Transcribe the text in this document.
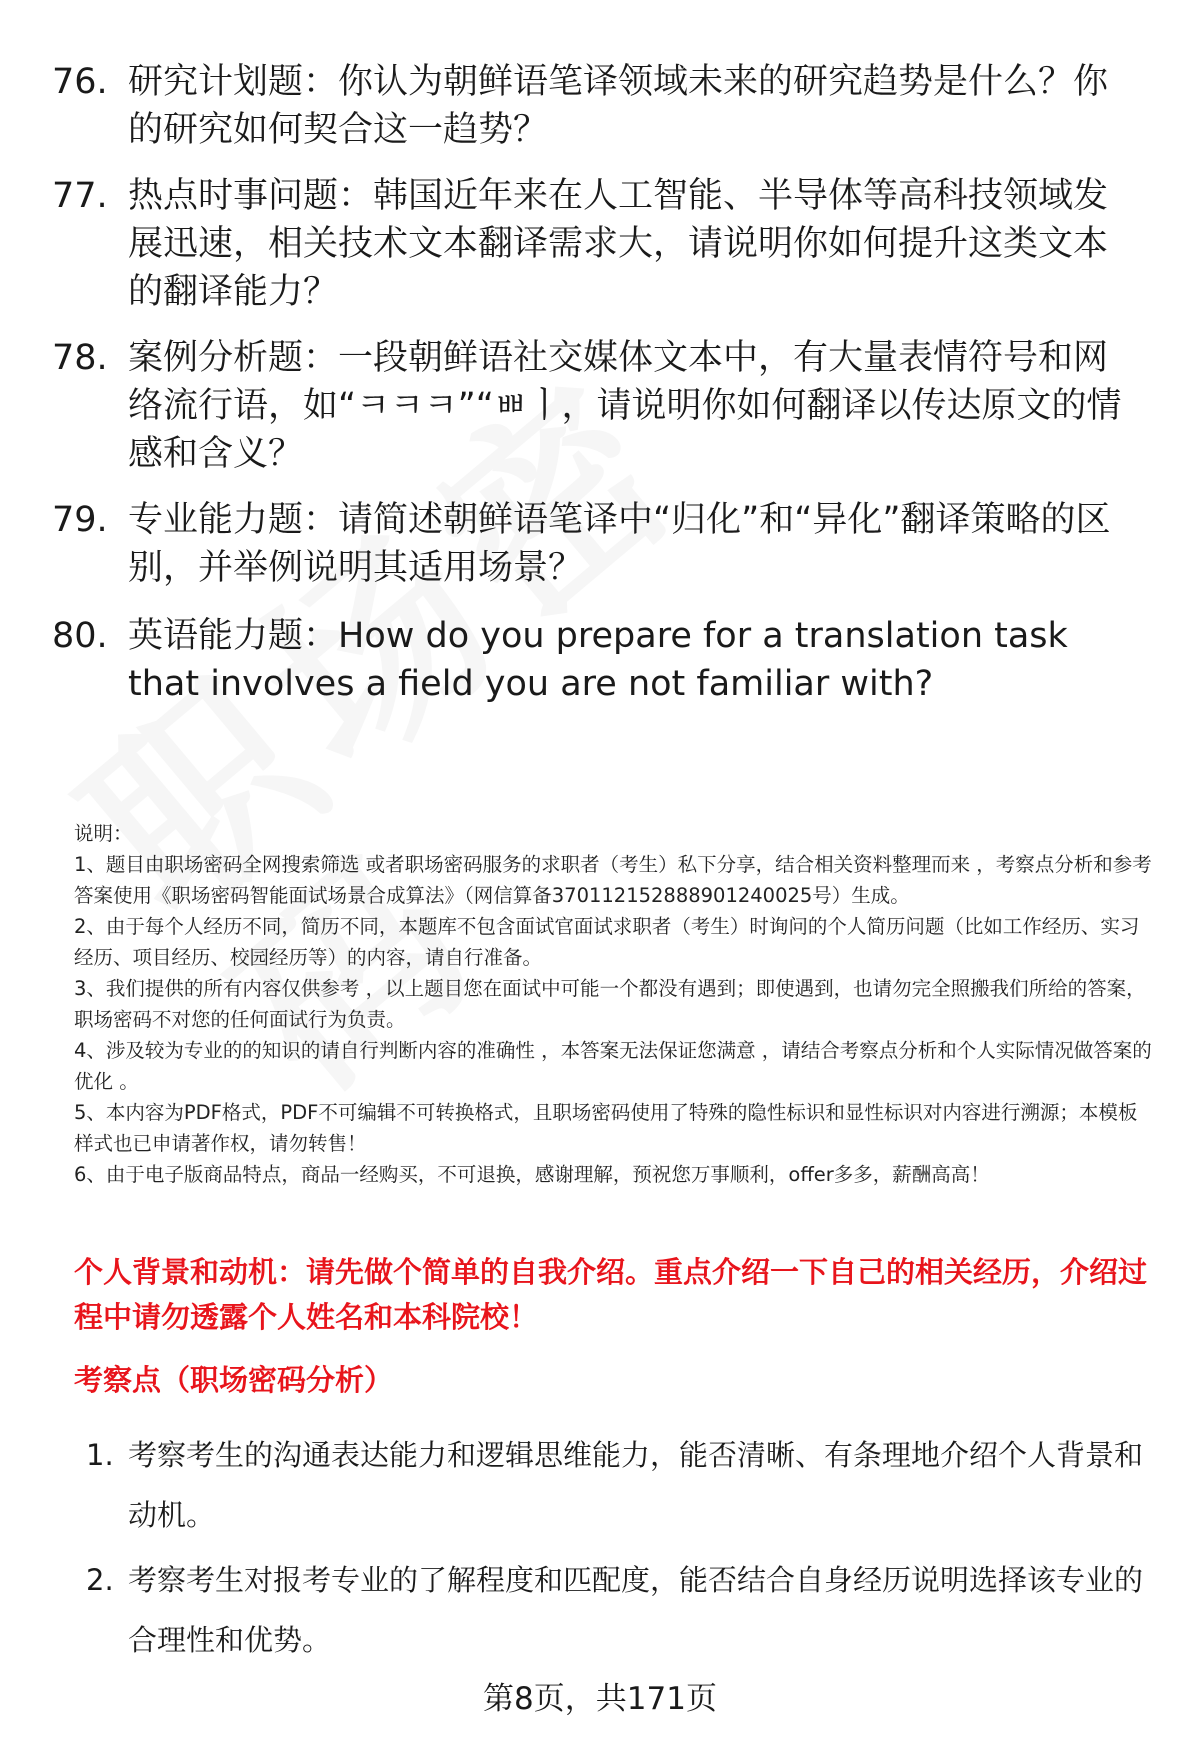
76. 研究计划题：你认为朝鲜语笔译领域未来的研究趋势是什么？你的研究如何契合这一趋势？
77. 热点时事问题：韩国近年来在人工智能、半导体等高科技领域发展迅速，相关技术文本翻译需求大，请说明你如何提升这类文本的翻译能力？
78. 案例分析题：一段朝鲜语社交媒体文本中，有大量表情符号和网络流行语，如“ㅋㅋㅋ”“ㅃㅣ，请说明你如何翻译以传达原文的情感和含义？
79. 专业能力题：请简述朝鲜语笔译中“归化”和“异化”翻译策略的区别，并举例说明其适用场景？
80. 英语能力题：How do you prepare for a translation task that involves a field you are not familiar with?

说明：

1、题目由职场密码全网搜索筛选 或者职场密码服务的求职者（考生）私下分享，结合相关资料整理而来 ，考察点分析和参考答案使用《职场密码智能面试场景合成算法》（网信算备370112152888901240025号）生成。

2、由于每个人经历不同，简历不同，本题库不包含面试官面试求职者（考生）时询问的个人简历问题（比如工作经历、实习经历、项目经历、校园经历等）的内容，请自行准备。

3、我们提供的所有内容仅供参考 ，以上题目您在面试中可能一个都没有遇到；即使遇到，也请勿完全照搬我们所给的答案，职场密码不对您的任何面试行为负责。

4、涉及较为专业的的知识的请自行判断内容的准确性 ，本答案无法保证您满意 ，请结合考察点分析和个人实际情况做答案的优化 。

5、本内容为PDF格式，PDF不可编辑不可转换格式，且职场密码使用了特殊的隐性标识和显性标识对内容进行溯源；本模板样式也已申请著作权，请勿转售！

6、由于电子版商品特点，商品一经购买，不可退换，感谢理解，预祝您万事顺利，offer多多，薪酬高高！

个人背景和动机：请先做个简单的自我介绍。重点介绍一下自己的相关经历，介绍过程中请勿透露个人姓名和本科院校！
考察点（职场密码分析）
1. 考察考生的沟通表达能力和逻辑思维能力，能否清晰、有条理地介绍个人背景和动机。
2. 考察考生对报考专业的了解程度和匹配度，能否结合自身经历说明选择该专业的合理性和优势。
第8页，共171页
